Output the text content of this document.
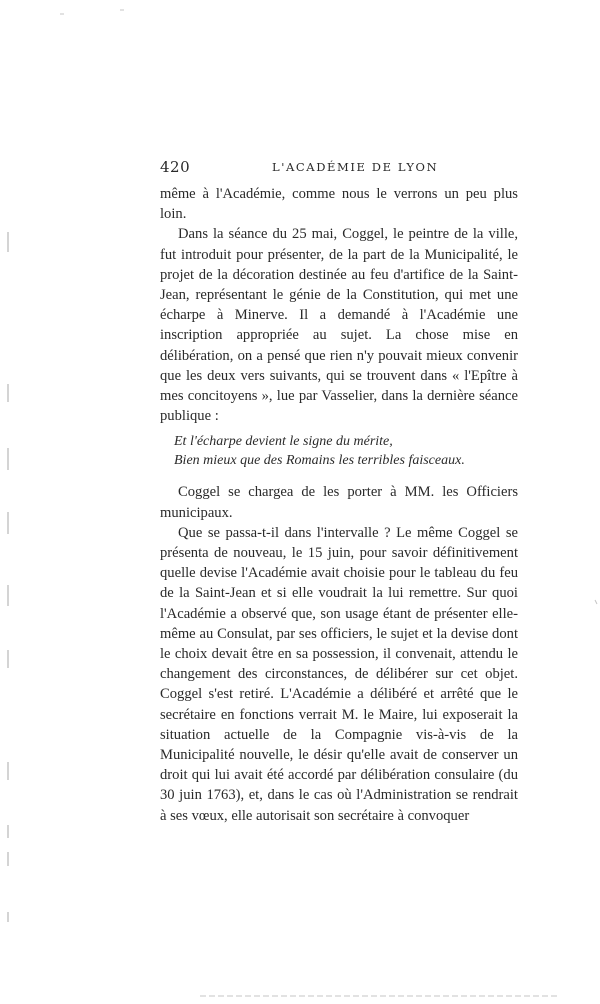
420	L'ACADÉMIE DE LYON

même à l'Académie, comme nous le verrons un peu plus loin.

Dans la séance du 25 mai, Coggel, le peintre de la ville, fut introduit pour présenter, de la part de la Municipalité, le projet de la décoration destinée au feu d'artifice de la Saint-Jean, représentant le génie de la Constitution, qui met une écharpe à Minerve. Il a demandé à l'Académie une inscription appropriée au sujet. La chose mise en délibération, on a pensé que rien n'y pouvait mieux convenir que les deux vers suivants, qui se trouvent dans « l'Epître à mes concitoyens », lue par Vasselier, dans la dernière séance publique :

Et l'écharpe devient le signe du mérite,
Bien mieux que des Romains les terribles faisceaux.

Coggel se chargea de les porter à MM. les Officiers municipaux.

Que se passa-t-il dans l'intervalle ? Le même Coggel se présenta de nouveau, le 15 juin, pour savoir définitivement quelle devise l'Académie avait choisie pour le tableau du feu de la Saint-Jean et si elle voudrait la lui remettre. Sur quoi l'Académie a observé que, son usage étant de présenter elle-même au Consulat, par ses officiers, le sujet et la devise dont le choix devait être en sa possession, il convenait, attendu le changement des circonstances, de délibérer sur cet objet. Coggel s'est retiré. L'Académie a délibéré et arrêté que le secrétaire en fonctions verrait M. le Maire, lui exposerait la situation actuelle de la Compagnie vis-à-vis de la Municipalité nouvelle, le désir qu'elle avait de conserver un droit qui lui avait été accordé par délibération consulaire (du 30 juin 1763), et, dans le cas où l'Administration se rendrait à ses vœux, elle autorisait son secrétaire à convoquer
